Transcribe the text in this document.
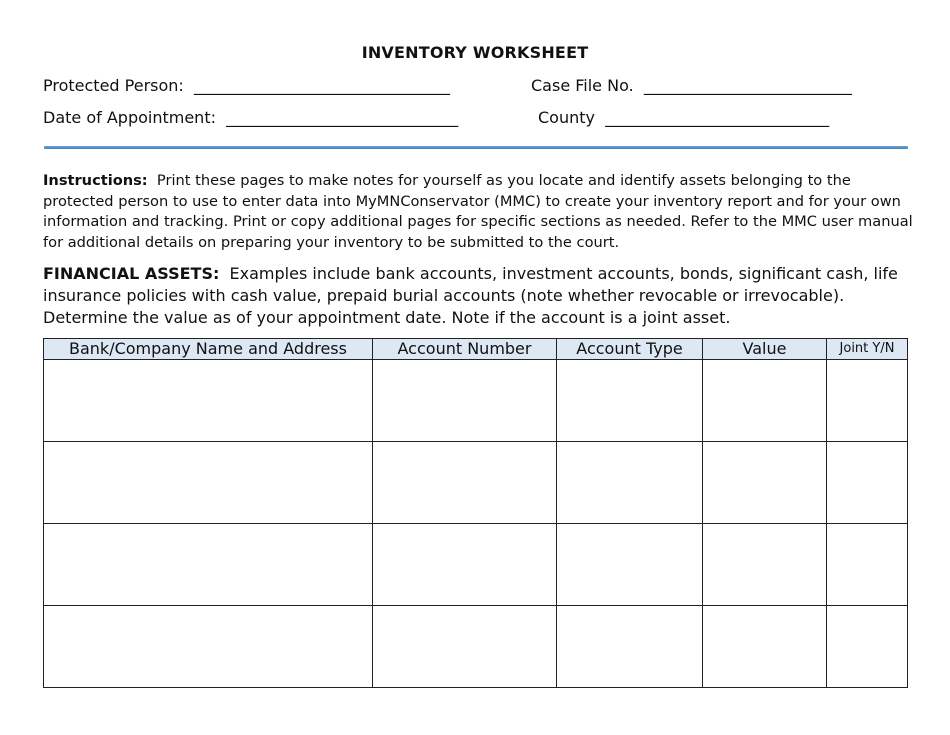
INVENTORY WORKSHEET
Protected Person:  ________________________________	Case File No.  __________________________
Date of Appointment:  _____________________________	County  ____________________________
Instructions: Print these pages to make notes for yourself as you locate and identify assets belonging to the protected person to use to enter data into MyMNConservator (MMC) to create your inventory report and for your own information and tracking. Print or copy additional pages for specific sections as needed. Refer to the MMC user manual for additional details on preparing your inventory to be submitted to the court.
FINANCIAL ASSETS: Examples include bank accounts, investment accounts, bonds, significant cash, life insurance policies with cash value, prepaid burial accounts (note whether revocable or irrevocable). Determine the value as of your appointment date. Note if the account is a joint asset.
Bank/Company Name and Address	Account Number	Account Type	Value	Joint Y/N
